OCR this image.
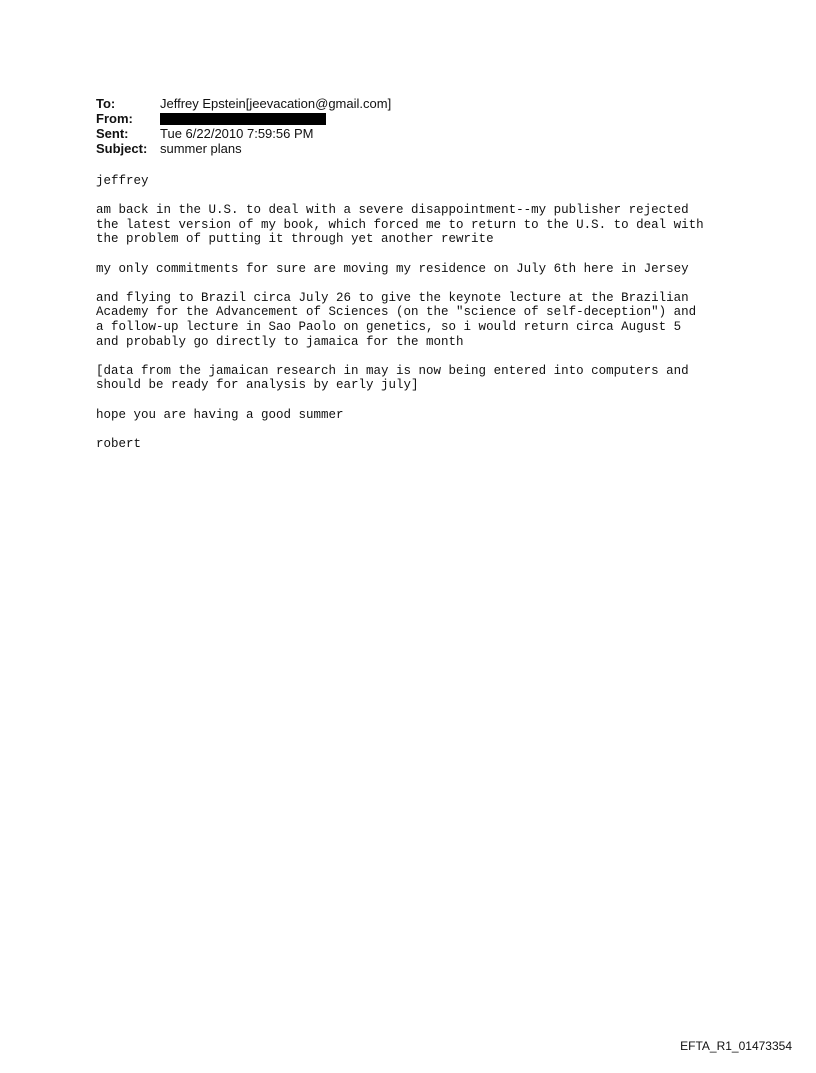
To:	Jeffrey Epstein[jeevacation@gmail.com]
From:
Sent:	Tue 6/22/2010 7:59:56 PM
Subject: summer plans
jeffrey
am back in the U.S. to deal with a severe disappointment--my publisher rejected
the latest version of my book, which forced me to return to the U.S. to deal with
the problem of putting it through yet another rewrite
my only commitments for sure are moving my residence on July 6th here in Jersey
and flying to Brazil circa July 26 to give the keynote lecture at the Brazilian
Academy for the Advancement of Sciences (on the "science of self-deception") and
a follow-up lecture in Sao Paolo on genetics, so i would return circa August 5
and probably go directly to jamaica for the month
[data from the jamaican research in may is now being entered into computers and
should be ready for analysis by early july]
hope you are having a good summer
robert
EFTA_R1_01473354
